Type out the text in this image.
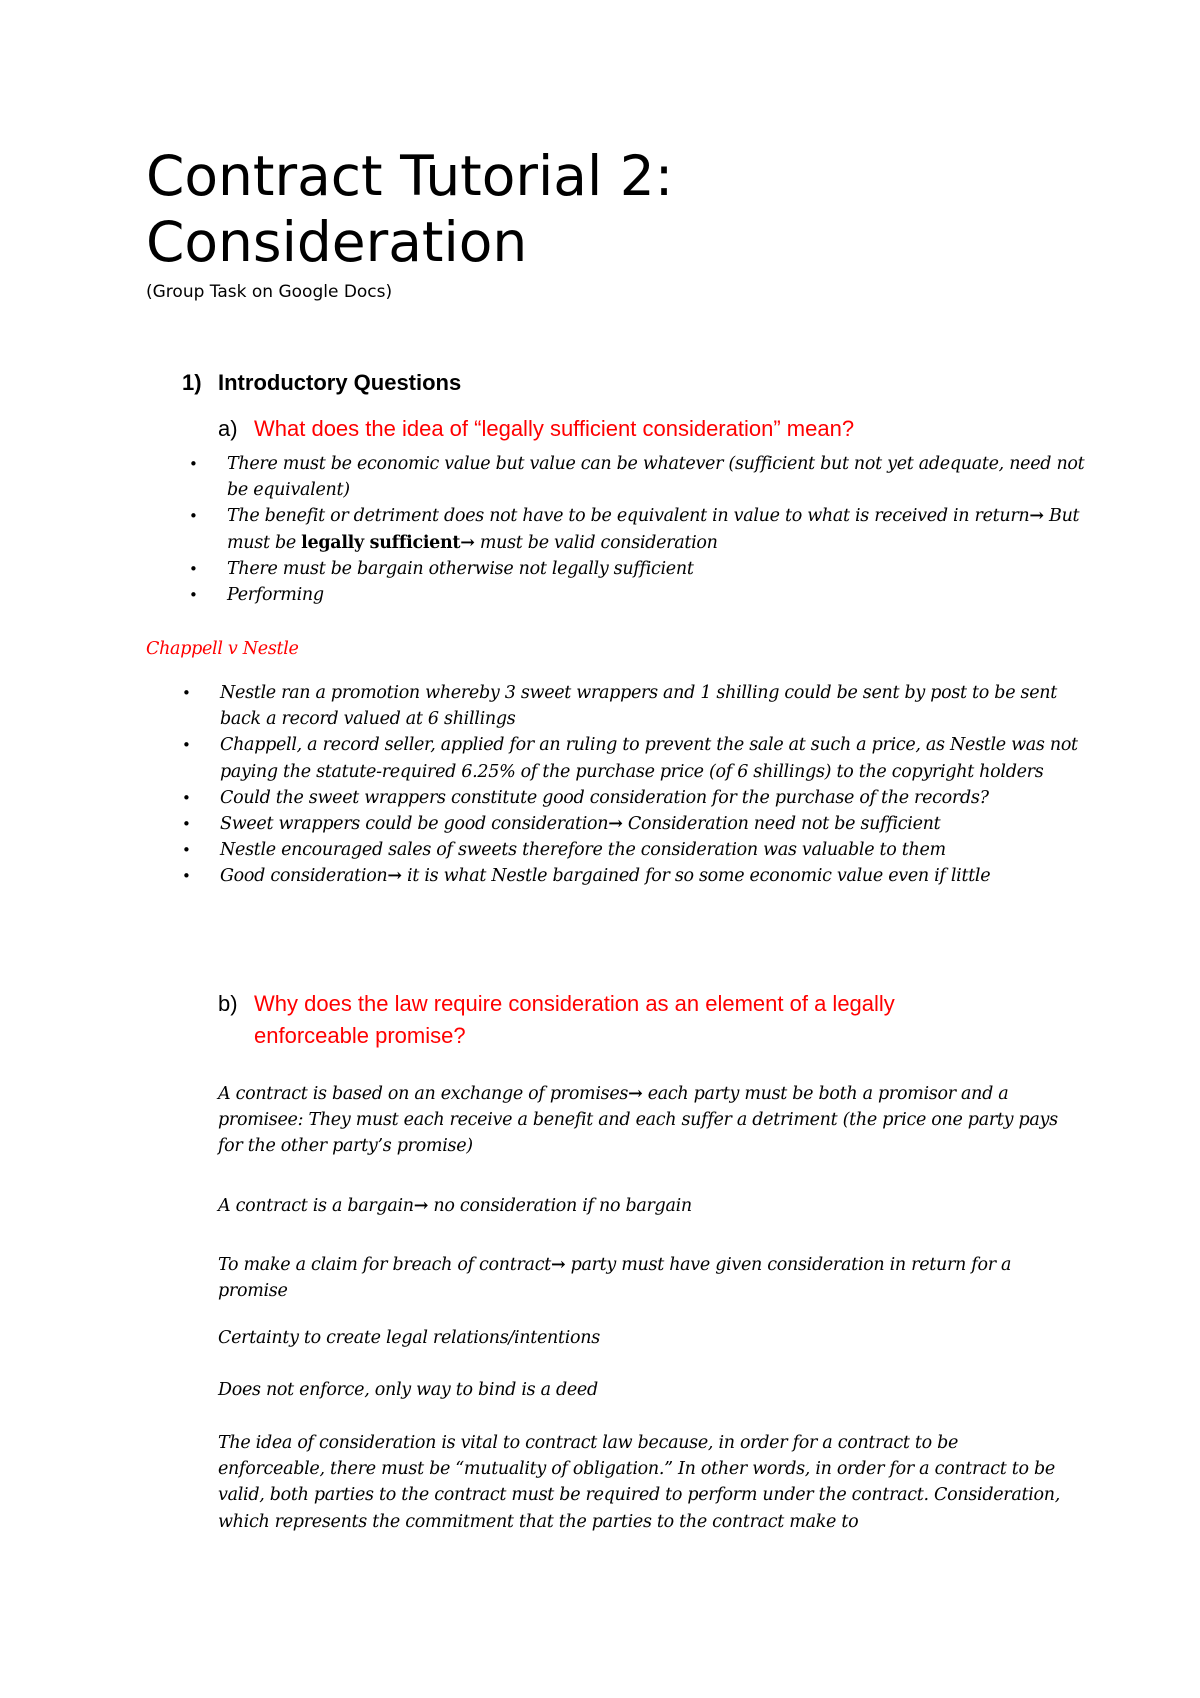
Contract Tutorial 2:
Consideration
(Group Task on Google Docs)
1) Introductory Questions
a) What does the idea of “legally sufficient consideration” mean?
• There must be economic value but value can be whatever (sufficient but not yet adequate, need not be equivalent)
• The benefit or detriment does not have to be equivalent in value to what is received in return→ But must be legally sufficient→ must be valid consideration
• There must be bargain otherwise not legally sufficient
• Performing
Chappell v Nestle
• Nestle ran a promotion whereby 3 sweet wrappers and 1 shilling could be sent by post to be sent back a record valued at 6 shillings
• Chappell, a record seller, applied for an ruling to prevent the sale at such a price, as Nestle was not paying the statute-required 6.25% of the purchase price (of 6 shillings) to the copyright holders
• Could the sweet wrappers constitute good consideration for the purchase of the records?
• Sweet wrappers could be good consideration→ Consideration need not be sufficient
• Nestle encouraged sales of sweets therefore the consideration was valuable to them
• Good consideration→ it is what Nestle bargained for so some economic value even if little
b) Why does the law require consideration as an element of a legally
enforceable promise?
A contract is based on an exchange of promises→ each party must be both a promisor and a promisee: They must each receive a benefit and each suffer a detriment (the price one party pays for the other party’s promise)
A contract is a bargain→ no consideration if no bargain
To make a claim for breach of contract→ party must have given consideration in return for a promise
Certainty to create legal relations/intentions
Does not enforce, only way to bind is a deed
The idea of consideration is vital to contract law because, in order for a contract to be enforceable, there must be “mutuality of obligation.” In other words, in order for a contract to be valid, both parties to the contract must be required to perform under the contract. Consideration, which represents the commitment that the parties to the contract make to
